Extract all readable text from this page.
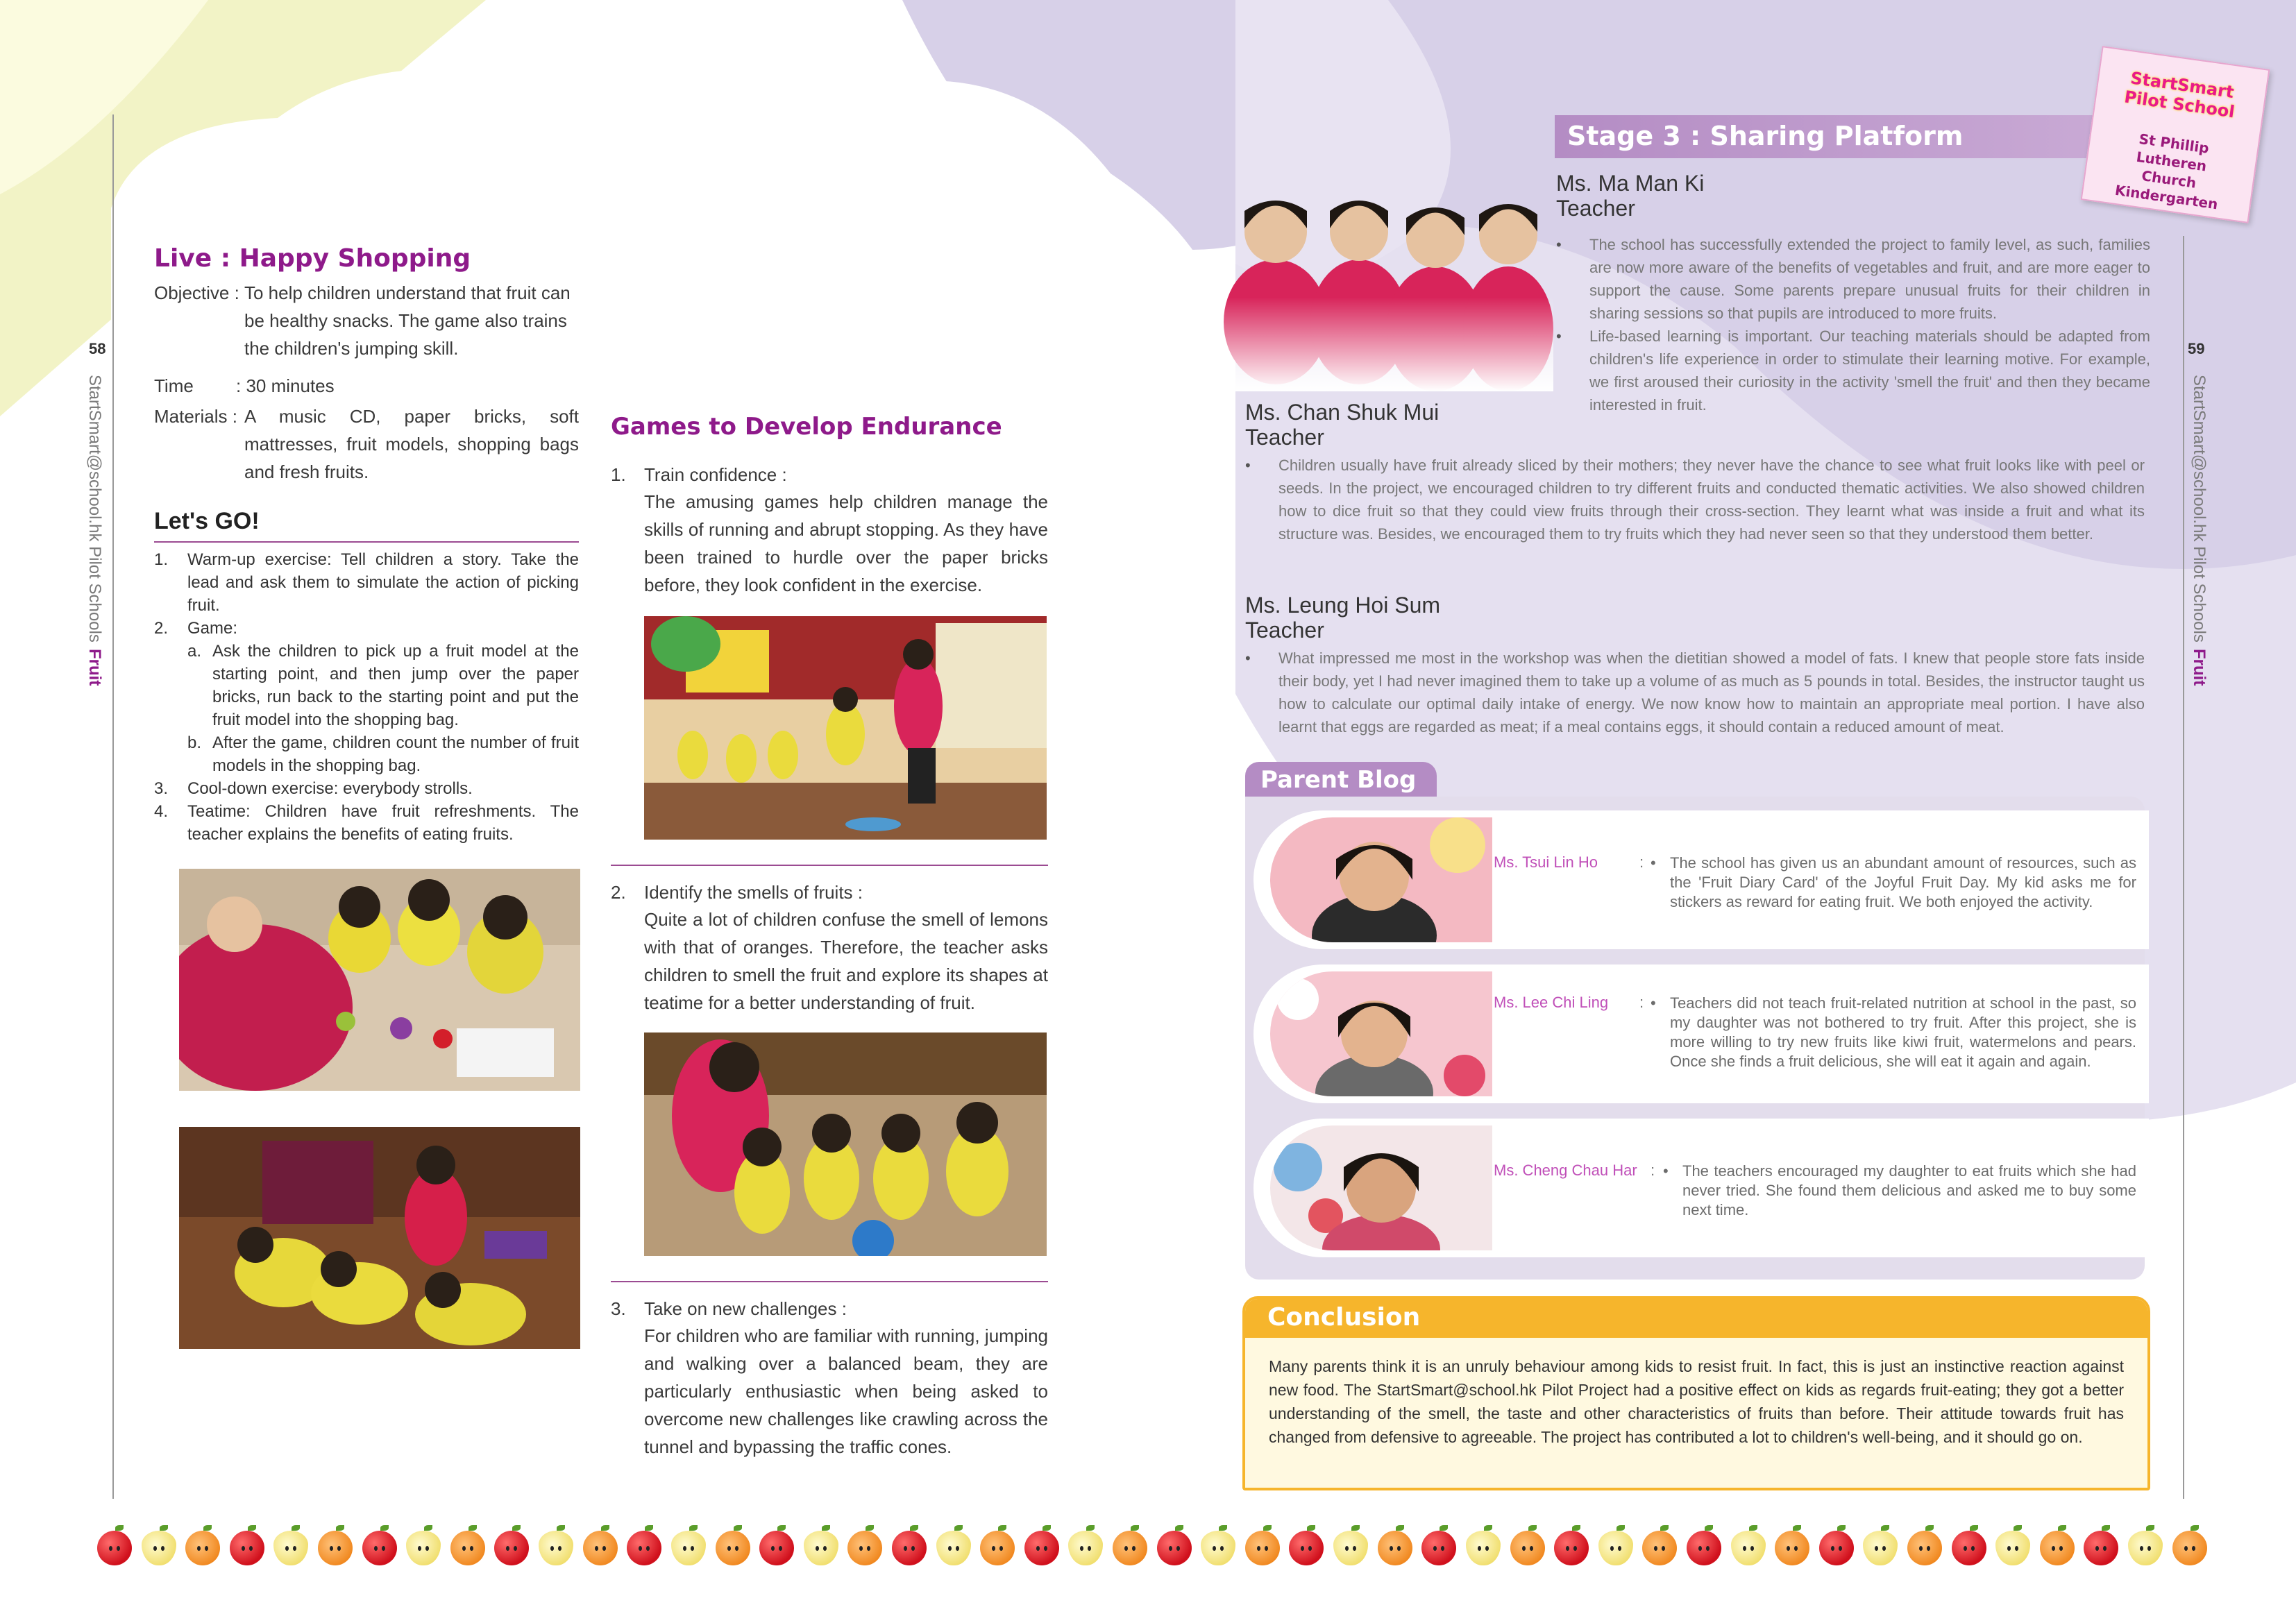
58	59
StartSmart@school.hk Pilot Schools
Fruit
StartSmart@school.hk Pilot Schools
Fruit
Live : Happy Shopping
Objective : To help children understand that fruit can be healthy snacks. The game also trains the children's jumping skill.
Time : 30 minutes
Materials : A music CD, paper bricks, soft mattresses, fruit models, shopping bags and fresh fruits.
Let's GO!
1.	Warm-up exercise: Tell children a story. Take the lead and ask them to simulate the action of picking fruit.
2.	Game:
a. Ask the children to pick up a fruit model at the starting point, and then jump over the paper bricks, run back to the starting point and put the fruit model into the shopping bag.
b. After the game, children count the number of fruit models in the shopping bag.
3.	Cool-down exercise: everybody strolls.
4.	Teatime: Children have fruit refreshments. The teacher explains the benefits of eating fruits.
Games to Develop Endurance
1. Train confidence :
The amusing games help children manage the skills of running and abrupt stopping. As they have been trained to hurdle over the paper bricks before, they look confident in the exercise.
2. Identify the smells of fruits :
Quite a lot of children confuse the smell of lemons with that of oranges. Therefore, the teacher asks children to smell the fruit and explore its shapes at teatime for a better understanding of fruit.
3. Take on new challenges :
For children who are familiar with running, jumping and walking over a balanced beam, they are particularly enthusiastic when being asked to overcome new challenges like crawling across the tunnel and bypassing the traffic cones.
Stage 3 : Sharing Platform
StartSmart Pilot School
St Phillip Lutheren Church Kindergarten
Ms. Ma Man Ki
Teacher
• The school has successfully extended the project to family level, as such, families are now more aware of the benefits of vegetables and fruit, and are more eager to support the cause. Some parents prepare unusual fruits for their children in sharing sessions so that pupils are introduced to more fruits.
• Life-based learning is important. Our teaching materials should be adapted from children's life experience in order to stimulate their learning motive. For example, we first aroused their curiosity in the activity 'smell the fruit' and then they became interested in fruit.
Ms. Chan Shuk Mui
Teacher
• Children usually have fruit already sliced by their mothers; they never have the chance to see what fruit looks like with peel or seeds. In the project, we encouraged children to try different fruits and conducted thematic activities. We also showed children how to dice fruit so that they could view fruits through their cross-section. They learnt what was inside a fruit and what its structure was. Besides, we encouraged them to try fruits which they had never seen so that they understood them better.
Ms. Leung Hoi Sum
Teacher
• What impressed me most in the workshop was when the dietitian showed a model of fats. I knew that people store fats inside their body, yet I had never imagined them to take up a volume of as much as 5 pounds in total. Besides, the instructor taught us how to calculate our optimal daily intake of energy. We now know how to maintain an appropriate meal portion. I have also learnt that eggs are regarded as meat; if a meal contains eggs, it should contain a reduced amount of meat.
Parent Blog
Ms. Tsui Lin Ho	: • The school has given us an abundant amount of resources, such as the 'Fruit Diary Card' of the Joyful Fruit Day. My kid asks me for stickers as reward for eating fruit. We both enjoyed the activity.
Ms. Lee Chi Ling : • Teachers did not teach fruit-related nutrition at school in the past, so my daughter was not bothered to try fruit. After this project, she is more willing to try new fruits like kiwi fruit, watermelons and pears. Once she finds a fruit delicious, she will eat it again and again.
Ms. Cheng Chau Har : • The teachers encouraged my daughter to eat fruits which she had never tried. She found them delicious and asked me to buy some next time.
Conclusion
Many parents think it is an unruly behaviour among kids to resist fruit. In fact, this is just an instinctive reaction against new food. The StartSmart@school.hk Pilot Project had a positive effect on kids as regards fruit-eating; they got a better understanding of the smell, the taste and other characteristics of fruits than before. Their attitude towards fruit has changed from defensive to agreeable. The project has contributed a lot to children's well-being, and it should go on.
